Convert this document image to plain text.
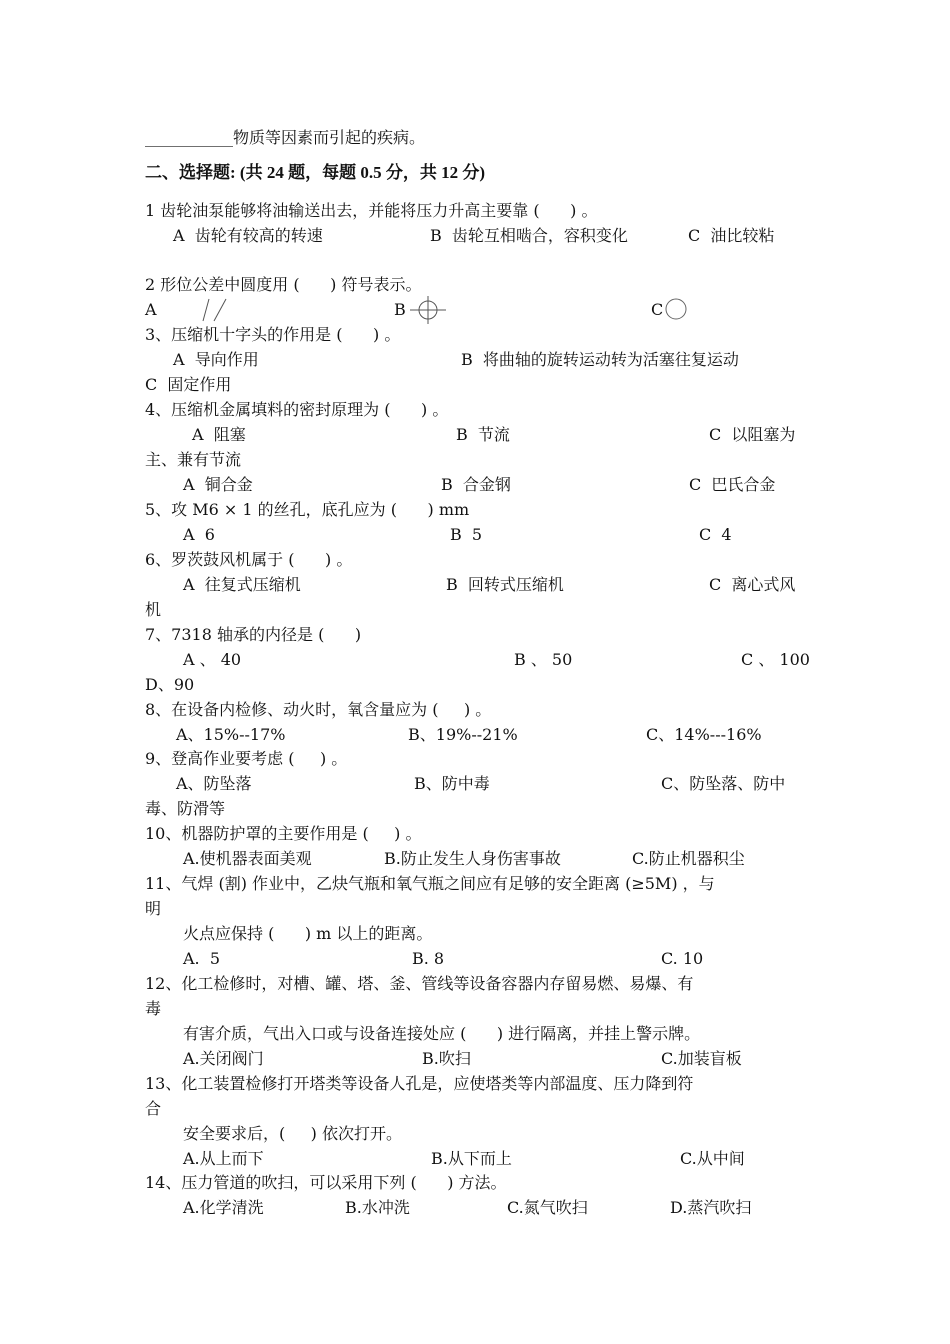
___________物质等因素而引起的疾病。
二、选择题: (共 24 题，每题 0.5 分，共 12 分)
1 齿轮油泵能够将油输送出去，并能将压力升高主要靠 (      ) 。
A  齿轮有较高的转速	B  齿轮互相啮合，容积变化	C  油比较粘
2 形位公差中圆度用 (      ) 符号表示。
A	B	C
3、压缩机十字头的作用是 (      ) 。
A  导向作用	B  将曲轴的旋转运动转为活塞往复运动
C  固定作用
4、压缩机金属填料的密封原理为 (      ) 。
A  阻塞	B  节流	C  以阻塞为
主、兼有节流
A  铜合金	B  合金钢	C  巴氏合金
5、攻 M6 × 1 的丝孔，底孔应为 (      ) mm
A  6	B  5	C  4
6、罗茨鼓风机属于 (      ) 。
A  往复式压缩机	B  回转式压缩机	C  离心式风
机
7、7318 轴承的内径是 (      )
A 、 40	B 、 50	C 、 100
D、90
8、在设备内检修、动火时，氧含量应为 (     ) 。
A、15%--17%	B、19%--21%	C、14%---16%
9、登高作业要考虑 (     ) 。
A、防坠落	B、防中毒	C、防坠落、防中
毒、防滑等
10、机器防护罩的主要作用是 (     ) 。
A.使机器表面美观	B.防止发生人身伤害事故	C.防止机器积尘
11、气焊 (割) 作业中，乙炔气瓶和氧气瓶之间应有足够的安全距离 (≥5M) ，与
明
火点应保持 (      ) m 以上的距离。
A.  5	B. 8	C. 10
12、化工检修时，对槽、罐、塔、釜、管线等设备容器内存留易燃、易爆、有
毒
有害介质，气出入口或与设备连接处应 (      ) 进行隔离，并挂上警示牌。
A.关闭阀门	B.吹扫	C.加装盲板
13、化工装置检修打开塔类等设备人孔是，应使塔类等内部温度、压力降到符
合
安全要求后，(     ) 依次打开。
A.从上而下	B.从下而上	C.从中间
14、压力管道的吹扫，可以采用下列 (      ) 方法。
A.化学清洗	B.水冲洗	C.氮气吹扫	D.蒸汽吹扫
